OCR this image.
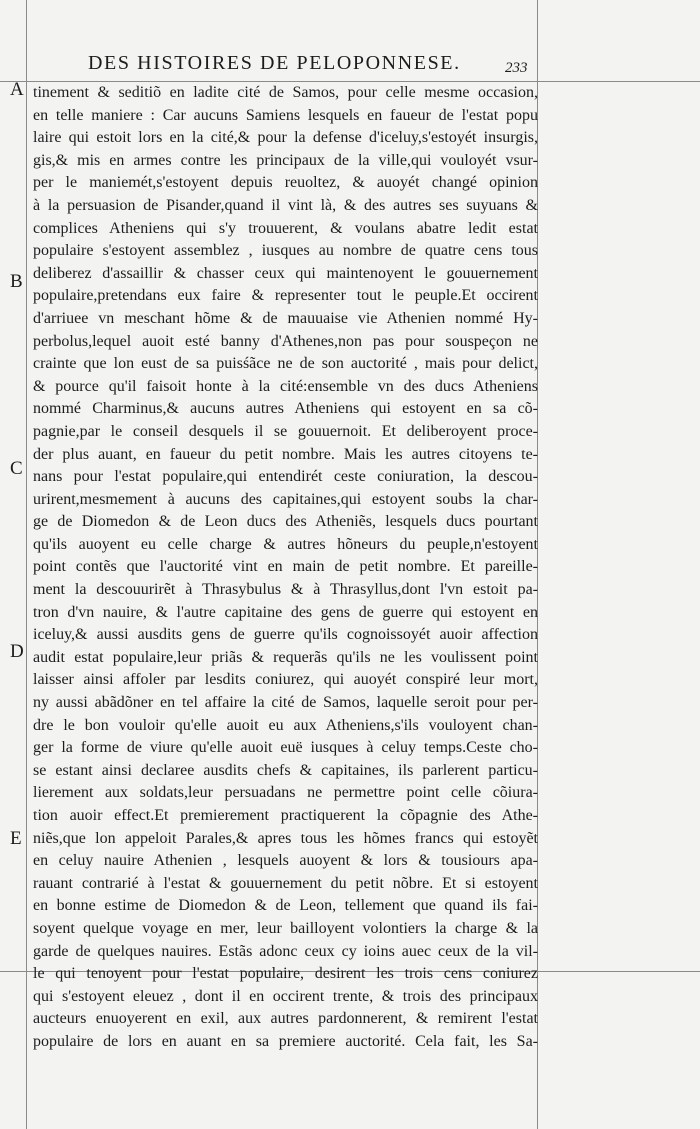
DES HISTOIRES DE PELOPONNESE.	233
A
B
C
D
E
tinement & seditiõ en ladite cité de Samos, pour celle mesme occasion,
en telle maniere : Car aucuns Samiens lesquels en faueur de l'estat popu
laire qui estoit lors en la cité,& pour la defense d'iceluy,s'estoyét insurgis,
gis,& mis en armes contre les principaux de la ville,qui vouloyét vsur-
per le maniemét,s'estoyent depuis reuoltez, & auoyét changé opinion
à la persuasion de Pisander,quand il vint là, & des autres ses suyuans &
complices Atheniens qui s'y trouuerent, & voulans abatre ledit estat
populaire s'estoyent assemblez , iusques au nombre de quatre cens tous
deliberez d'assaillir & chasser ceux qui maintenoyent le gouuernement
populaire,pretendans eux faire & representer tout le peuple.Et occirent
d'arriuee vn meschant hõme & de mauuaise vie Athenien nommé Hy-
perbolus,lequel auoit esté banny d'Athenes,non pas pour souspeçon ne
crainte que lon eust de sa puisśãce ne de son auctorité , mais pour delict,
& pource qu'il faisoit honte à la cité:ensemble vn des ducs Atheniens
nommé Charminus,& aucuns autres Atheniens qui estoyent en sa cõ-
pagnie,par le conseil desquels il se gouuernoit. Et deliberoyent proce-
der plus auant, en faueur du petit nombre. Mais les autres citoyens te-
nans pour l'estat populaire,qui entendirét ceste coniuration, la descou-
urirent,mesmement à aucuns des capitaines,qui estoyent soubs la char-
ge de Diomedon & de Leon ducs des Atheniẽs, lesquels ducs pourtant
qu'ils auoyent eu celle charge & autres hõneurs du peuple,n'estoyent
point contẽs que l'auctorité vint en main de petit nombre. Et pareille-
ment la descouurirẽt à Thrasybulus & à Thrasyllus,dont l'vn estoit pa-
tron d'vn nauire, & l'autre capitaine des gens de guerre qui estoyent en
iceluy,& aussi ausdits gens de guerre qu'ils cognoissoyét auoir affection
audit estat populaire,leur priãs & requerãs qu'ils ne les voulissent point
laisser ainsi affoler par lesdits coniurez, qui auoyét conspiré leur mort,
ny aussi abãdõner en tel affaire la cité de Samos, laquelle seroit pour per-
dre le bon vouloir qu'elle auoit eu aux Atheniens,s'ils vouloyent chan-
ger la forme de viure qu'elle auoit euë iusques à celuy temps.Ceste cho-
se estant ainsi declaree ausdits chefs & capitaines, ils parlerent particu-
lierement aux soldats,leur persuadans ne permettre point celle cõiura-
tion auoir effect.Et premierement practiquerent la cõpagnie des Athe-
niẽs,que lon appeloit Parales,& apres tous les hõmes francs qui estoyẽt
en celuy nauire Athenien , lesquels auoyent & lors & tousiours apa-
rauant contrarié à l'estat & gouuernement du petit nõbre. Et si estoyent
en bonne estime de Diomedon & de Leon, tellement que quand ils fai-
soyent quelque voyage en mer, leur bailloyent volontiers la charge & la
garde de quelques nauires. Estãs adonc ceux cy ioins auec ceux de la vil-
le qui tenoyent pour l'estat populaire, desirent les trois cens coniurez
qui s'estoyent eleuez , dont il en occirent trente, & trois des principaux
aucteurs enuoyerent en exil, aux autres pardonnerent, & remirent l'estat
populaire de lors en auant en sa premiere auctorité. Cela fait, les Sa-
